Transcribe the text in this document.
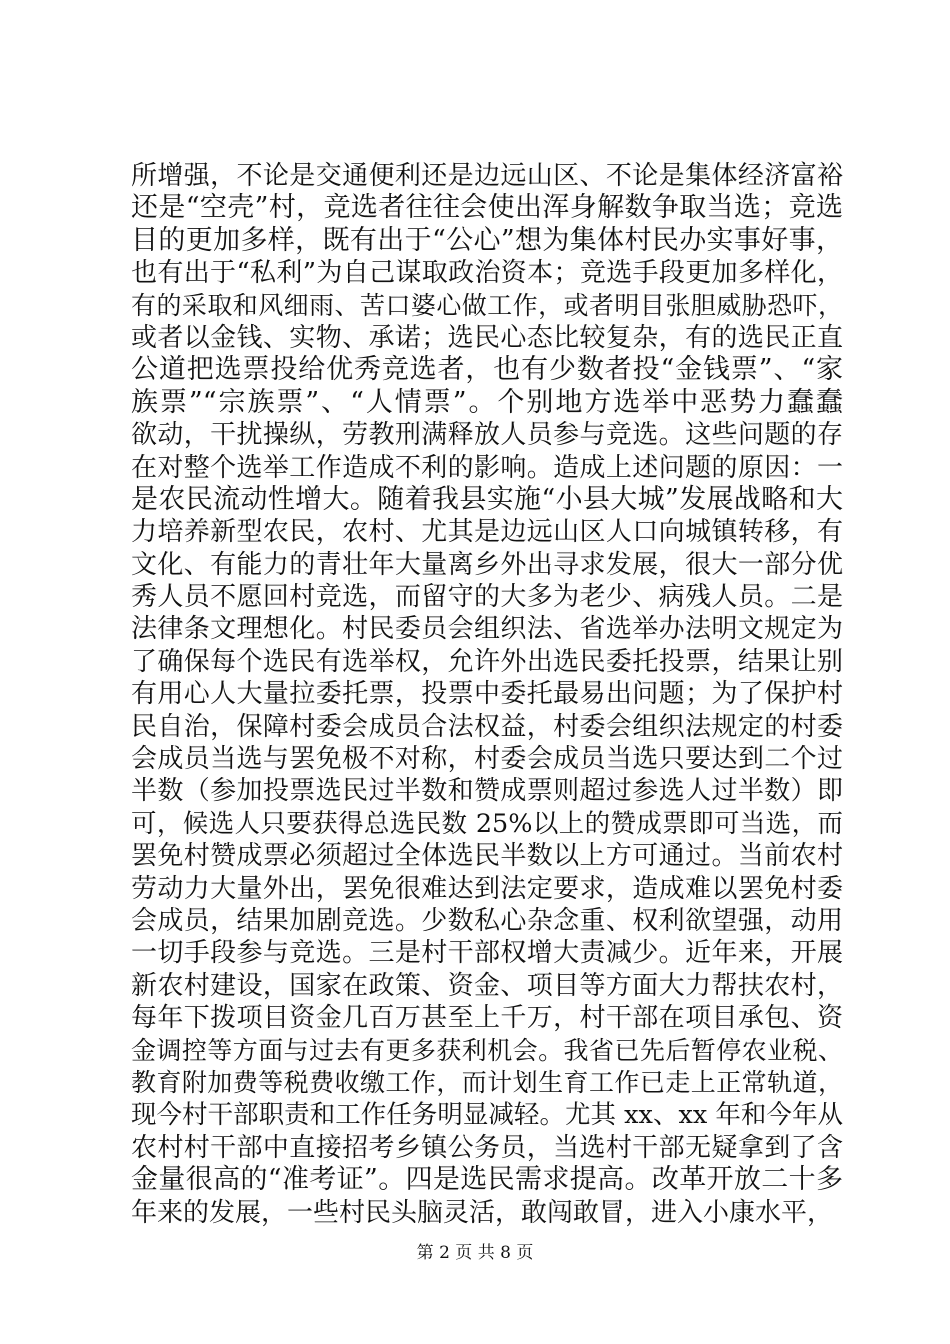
所增强，不论是交通便利还是边远山区、不论是集体经济富裕
还是“空壳”村，竞选者往往会使出浑身解数争取当选；竞选
目的更加多样，既有出于“公心”想为集体村民办实事好事，
也有出于“私利”为自己谋取政治资本；竞选手段更加多样化，
有的采取和风细雨、苦口婆心做工作，或者明目张胆威胁恐吓，
或者以金钱、实物、承诺；选民心态比较复杂，有的选民正直
公道把选票投给优秀竞选者，也有少数者投“金钱票”、“家
族票”“宗族票”、“人情票”。个别地方选举中恶势力蠢蠢
欲动，干扰操纵，劳教刑满释放人员参与竞选。这些问题的存
在对整个选举工作造成不利的影响。造成上述问题的原因：一
是农民流动性增大。随着我县实施“小县大城”发展战略和大
力培养新型农民，农村、尤其是边远山区人口向城镇转移，有
文化、有能力的青壮年大量离乡外出寻求发展，很大一部分优
秀人员不愿回村竞选，而留守的大多为老少、病残人员。二是
法律条文理想化。村民委员会组织法、省选举办法明文规定为
了确保每个选民有选举权，允许外出选民委托投票，结果让别
有用心人大量拉委托票，投票中委托最易出问题；为了保护村
民自治，保障村委会成员合法权益，村委会组织法规定的村委
会成员当选与罢免极不对称，村委会成员当选只要达到二个过
半数（参加投票选民过半数和赞成票则超过参选人过半数）即
可，候选人只要获得总选民数 25%以上的赞成票即可当选，而
罢免村赞成票必须超过全体选民半数以上方可通过。当前农村
劳动力大量外出，罢免很难达到法定要求，造成难以罢免村委
会成员，结果加剧竞选。少数私心杂念重、权利欲望强，动用
一切手段参与竞选。三是村干部权增大责减少。近年来，开展
新农村建设，国家在政策、资金、项目等方面大力帮扶农村，
每年下拨项目资金几百万甚至上千万，村干部在项目承包、资
金调控等方面与过去有更多获利机会。我省已先后暂停农业税、
教育附加费等税费收缴工作，而计划生育工作已走上正常轨道，
现今村干部职责和工作任务明显减轻。尤其 xx、xx 年和今年从
农村村干部中直接招考乡镇公务员，当选村干部无疑拿到了含
金量很高的“准考证”。四是选民需求提高。改革开放二十多
年来的发展，一些村民头脑灵活，敢闯敢冒，进入小康水平，

第 2 页 共 8 页
